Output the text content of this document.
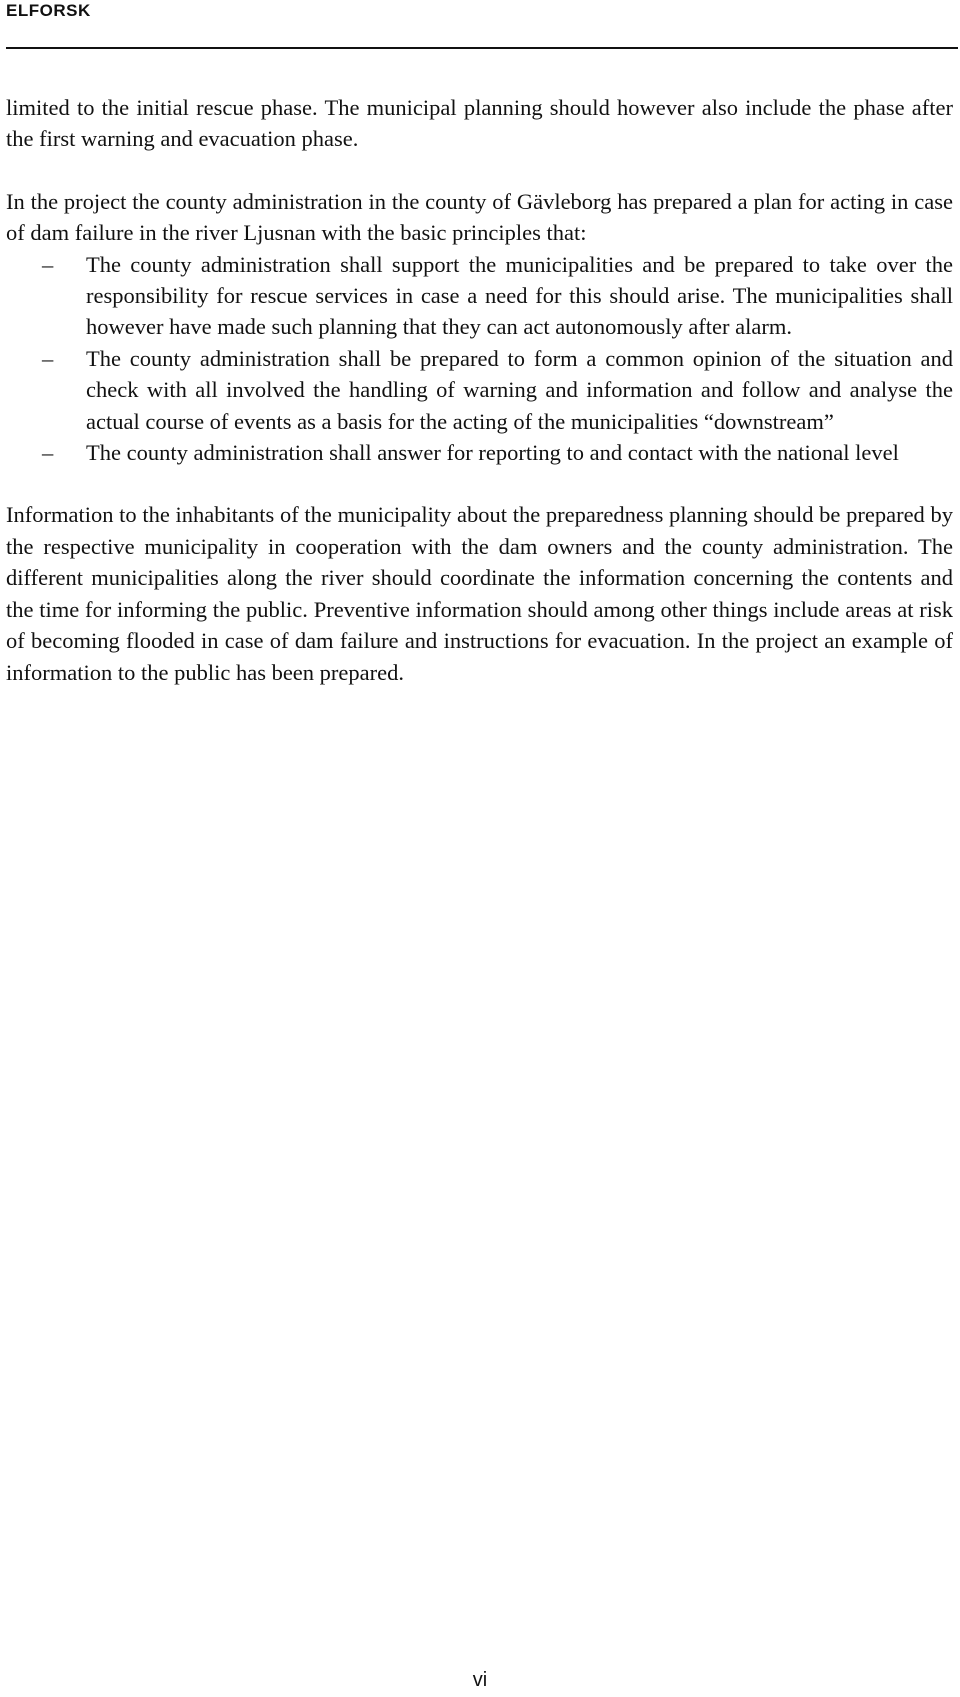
ELFORSK

limited to the initial rescue phase. The municipal planning should however also include the phase after the first warning and evacuation phase.

In the project the county administration in the county of Gävleborg has prepared a plan for acting in case of dam failure in the river Ljusnan with the basic principles that:

– The county administration shall support the municipalities and be prepared to take over the responsibility for rescue services in case a need for this should arise. The municipalities shall however have made such planning that they can act autonomously after alarm.
– The county administration shall be prepared to form a common opinion of the situation and check with all involved the handling of warning and information and follow and analyse the actual course of events as a basis for the acting of the municipalities “downstream”
– The county administration shall answer for reporting to and contact with the national level

Information to the inhabitants of the municipality about the preparedness planning should be prepared by the respective municipality in cooperation with the dam owners and the county administration. The different municipalities along the river should coordinate the information concerning the contents and the time for informing the public. Preventive information should among other things include areas at risk of becoming flooded in case of dam failure and instructions for evacuation. In the project an example of information to the public has been prepared.

vi
